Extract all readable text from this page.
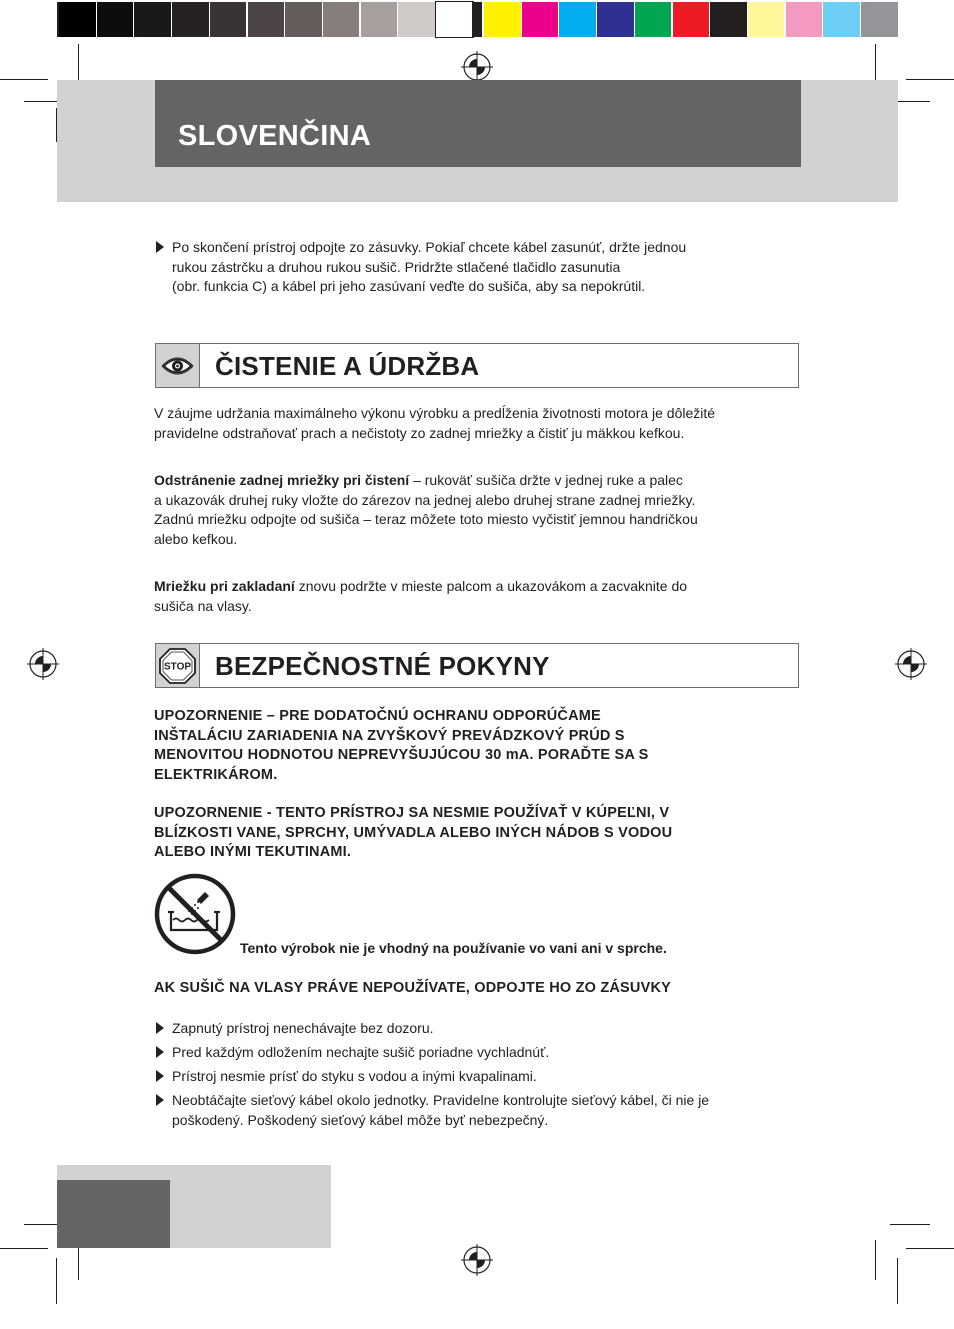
SLOVENČINA

Po skončení prístroj odpojte zo zásuvky. Pokiaľ chcete kábel zasunúť, držte jednou
rukou zástrčku a druhou rukou sušič. Pridržte stlačené tlačidlo zasunutia
(obr. funkcia C) a kábel pri jeho zasúvaní veďte do sušiča, aby sa nepokrútil.

ČISTENIE A ÚDRŽBA

V záujme udržania maximálneho výkonu výrobku a predĺženia životnosti motora je dôležité
pravidelne odstraňovať prach a nečistoty zo zadnej mriežky a čistiť ju mäkkou kefkou.

Odstránenie zadnej mriežky pri čistení – rukoväť sušiča držte v jednej ruke a palec
a ukazovák druhej ruky vložte do zárezov na jednej alebo druhej strane zadnej mriežky.
Zadnú mriežku odpojte od sušiča – teraz môžete toto miesto vyčistiť jemnou handričkou
alebo kefkou.

Mriežku pri zakladaní znovu podržte v mieste palcom a ukazovákom a zacvaknite do
sušiča na vlasy.

STOP BEZPEČNOSTNÉ POKYNY

UPOZORNENIE – PRE DODATOČNÚ OCHRANU ODPORÚČAME
INŠTALÁCIU ZARIADENIA NA ZVYŠKOVÝ PREVÁDZKOVÝ PRÚD S
MENOVITOU HODNOTOU NEPREVYŠUJÚCOU 30 mA. PORAĎTE SA S
ELEKTRIKÁROM.

UPOZORNENIE - TENTO PRÍSTROJ SA NESMIE POUŽÍVAŤ V KÚPEĽNI, V
BLÍZKOSTI VANE, SPRCHY, UMÝVADLA ALEBO INÝCH NÁDOB S VODOU
ALEBO INÝMI TEKUTINAMI.

Tento výrobok nie je vhodný na používanie vo vani ani v sprche.

AK SUŠIČ NA VLASY PRÁVE NEPOUŽÍVATE, ODPOJTE HO ZO ZÁSUVKY

Zapnutý prístroj nenechávajte bez dozoru.

Pred každým odložením nechajte sušič poriadne vychladnúť.

Prístroj nesmie prísť do styku s vodou a inými kvapalinami.

Neobtáčajte sieťový kábel okolo jednotky. Pravidelne kontrolujte sieťový kábel, či nie je
poškodený. Poškodený sieťový kábel môže byť nebezpečný.
